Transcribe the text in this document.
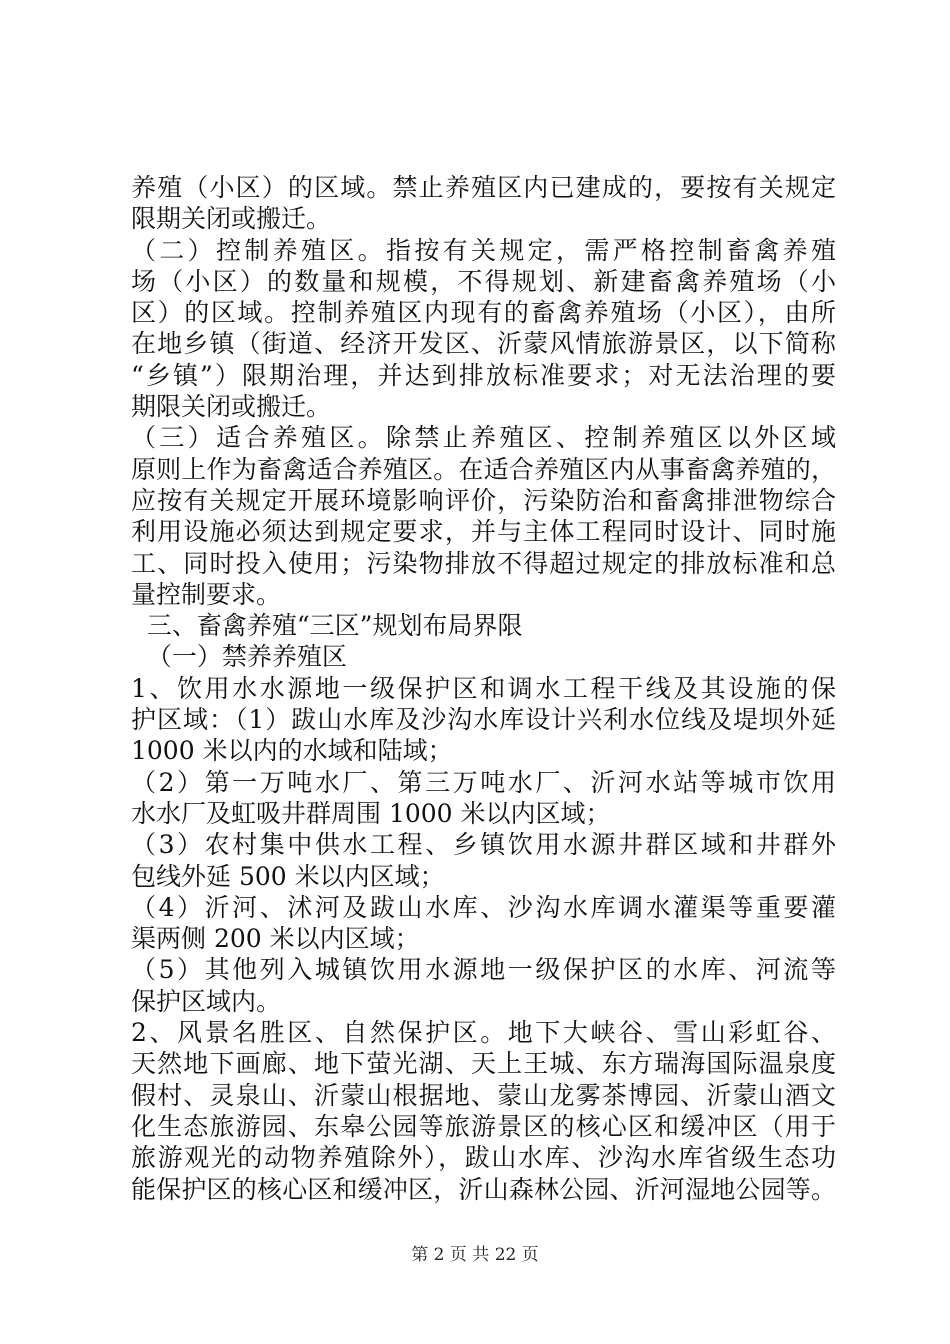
养殖（小区）的区域。禁止养殖区内已建成的，要按有关规定
限期关闭或搬迁。
（二）控制养殖区。指按有关规定，需严格控制畜禽养殖
场（小区）的数量和规模，不得规划、新建畜禽养殖场（小
区）的区域。控制养殖区内现有的畜禽养殖场（小区），由所
在地乡镇（街道、经济开发区、沂蒙风情旅游景区，以下简称
“乡镇”）限期治理，并达到排放标准要求；对无法治理的要
期限关闭或搬迁。
（三）适合养殖区。除禁止养殖区、控制养殖区以外区域
原则上作为畜禽适合养殖区。在适合养殖区内从事畜禽养殖的，
应按有关规定开展环境影响评价，污染防治和畜禽排泄物综合
利用设施必须达到规定要求，并与主体工程同时设计、同时施
工、同时投入使用；污染物排放不得超过规定的排放标准和总
量控制要求。
三、畜禽养殖“三区”规划布局界限
（一）禁养养殖区
1、饮用水水源地一级保护区和调水工程干线及其设施的保
护区域：（1）跋山水库及沙沟水库设计兴利水位线及堤坝外延
1000 米以内的水域和陆域；
（2）第一万吨水厂、第三万吨水厂、沂河水站等城市饮用
水水厂及虹吸井群周围 1000 米以内区域；
（3）农村集中供水工程、乡镇饮用水源井群区域和井群外
包线外延 500 米以内区域；
（4）沂河、沭河及跋山水库、沙沟水库调水灌渠等重要灌
渠两侧 200 米以内区域；
（5）其他列入城镇饮用水源地一级保护区的水库、河流等
保护区域内。
2、风景名胜区、自然保护区。地下大峡谷、雪山彩虹谷、
天然地下画廊、地下萤光湖、天上王城、东方瑞海国际温泉度
假村、灵泉山、沂蒙山根据地、蒙山龙雾茶博园、沂蒙山酒文
化生态旅游园、东皋公园等旅游景区的核心区和缓冲区（用于
旅游观光的动物养殖除外），跋山水库、沙沟水库省级生态功
能保护区的核心区和缓冲区，沂山森林公园、沂河湿地公园等。
第 2 页 共 22 页
